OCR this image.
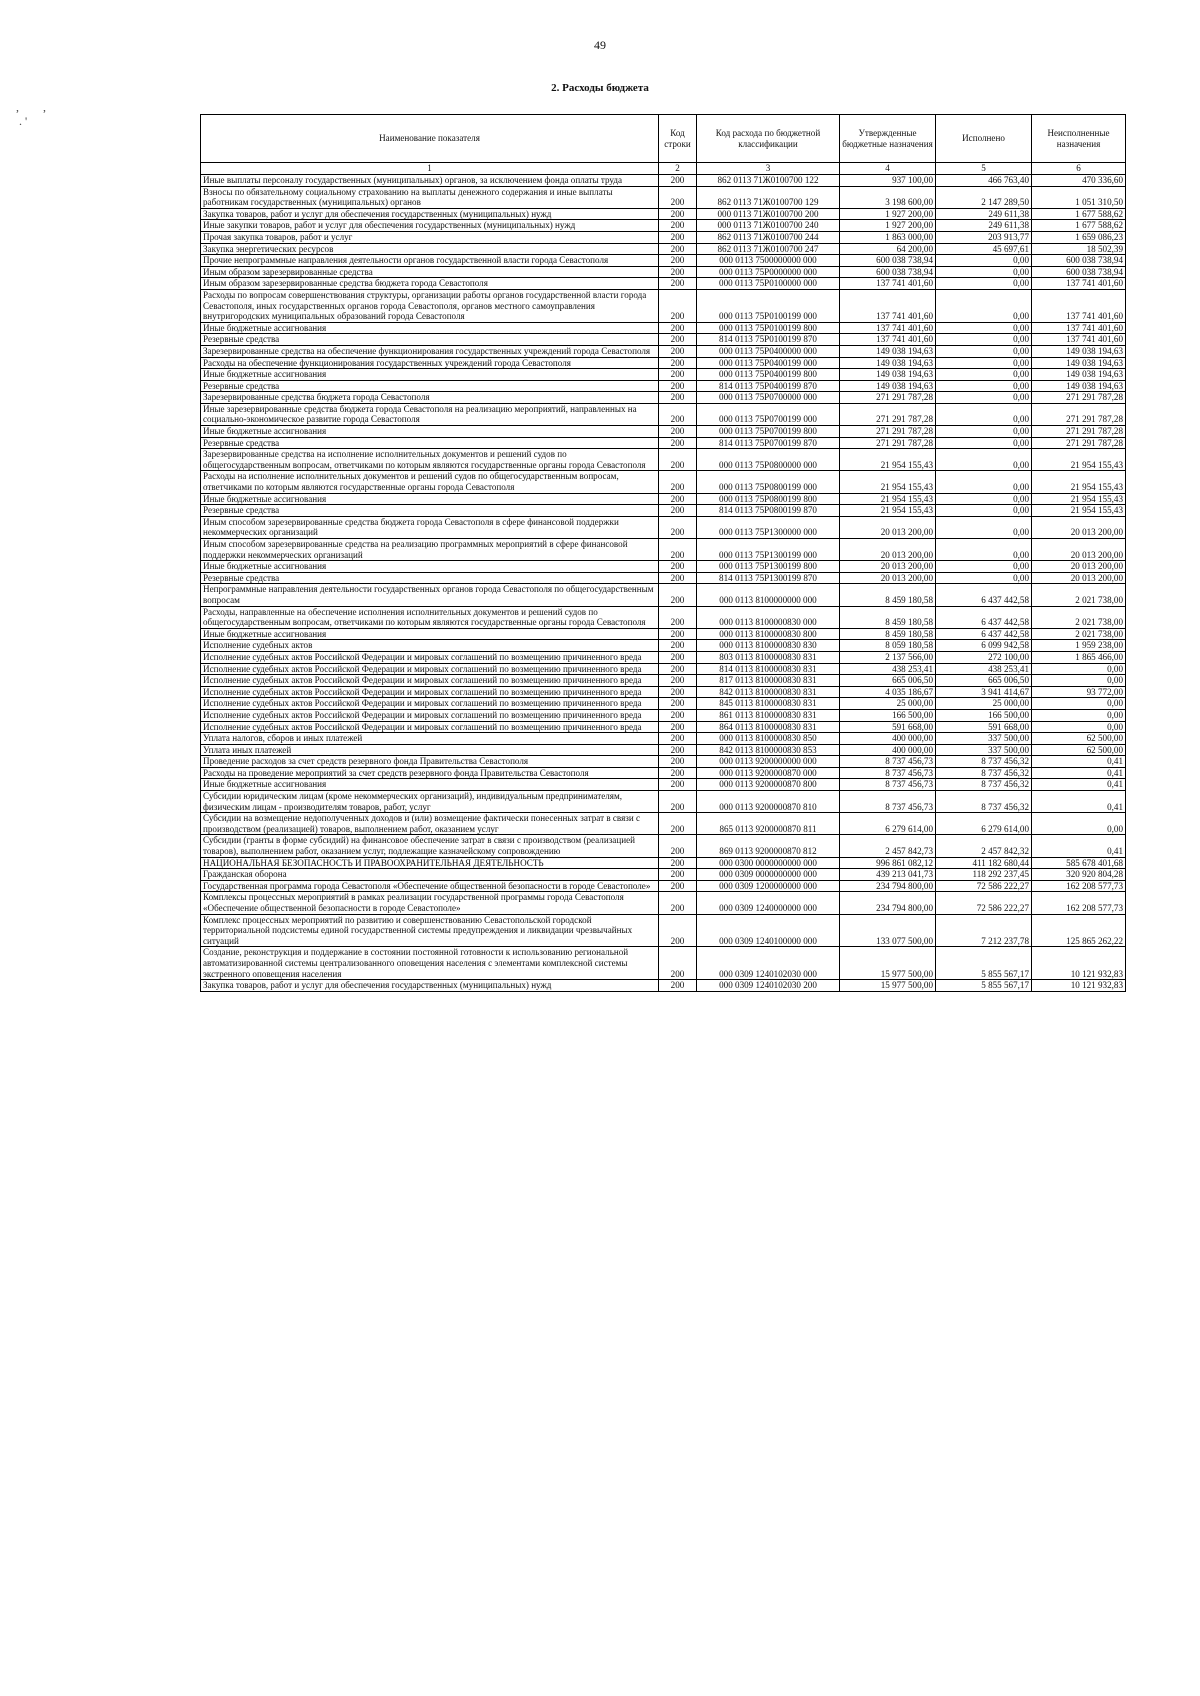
49
2. Расходы бюджета
,        ,
. '
Наименование показателя	Код строки	Код расхода по бюджетной классификации	Утвержденные бюджетные назначения	Исполнено	Неисполненные назначения
1	2	3	4	5	6
Иные выплаты персоналу государственных (муниципальных) органов, за исключением фонда оплаты труда	200	862 0113 71Ж0100700 122	937 100,00	466 763,40	470 336,60
Взносы по обязательному социальному страхованию на выплаты денежного содержания и иные выплаты работникам государственных (муниципальных) органов	200	862 0113 71Ж0100700 129	3 198 600,00	2 147 289,50	1 051 310,50
Закупка товаров, работ и услуг для обеспечения государственных (муниципальных) нужд	200	000 0113 71Ж0100700 200	1 927 200,00	249 611,38	1 677 588,62
Иные закупки товаров, работ и услуг для обеспечения государственных (муниципальных) нужд	200	000 0113 71Ж0100700 240	1 927 200,00	249 611,38	1 677 588,62
Прочая закупка товаров, работ и услуг	200	862 0113 71Ж0100700 244	1 863 000,00	203 913,77	1 659 086,23
Закупка энергетических ресурсов	200	862 0113 71Ж0100700 247	64 200,00	45 697,61	18 502,39
Прочие непрограммные направления деятельности органов государственной власти города Севастополя	200	000 0113 7500000000 000	600 038 738,94	0,00	600 038 738,94
Иным образом зарезервированные средства	200	000 0113 75P0000000 000	600 038 738,94	0,00	600 038 738,94
Иным образом зарезервированные средства бюджета города Севастополя	200	000 0113 75P0100000 000	137 741 401,60	0,00	137 741 401,60
Расходы по вопросам совершенствования структуры, организации работы органов государственной власти города Севастополя, иных государственных органов города Севастополя, органов местного самоуправления внутригородских муниципальных образований города Севастополя	200	000 0113 75P0100199 000	137 741 401,60	0,00	137 741 401,60
Иные бюджетные ассигнования	200	000 0113 75P0100199 800	137 741 401,60	0,00	137 741 401,60
Резервные средства	200	814 0113 75P0100199 870	137 741 401,60	0,00	137 741 401,60
Зарезервированные средства на обеспечение функционирования государственных учреждений города Севастополя	200	000 0113 75P0400000 000	149 038 194,63	0,00	149 038 194,63
Расходы на обеспечение функционирования государственных учреждений города Севастополя	200	000 0113 75P0400199 000	149 038 194,63	0,00	149 038 194,63
Иные бюджетные ассигнования	200	000 0113 75P0400199 800	149 038 194,63	0,00	149 038 194,63
Резервные средства	200	814 0113 75P0400199 870	149 038 194,63	0,00	149 038 194,63
Зарезервированные средства бюджета города Севастополя	200	000 0113 75P0700000 000	271 291 787,28	0,00	271 291 787,28
Иные зарезервированные средства бюджета города Севастополя на реализацию мероприятий, направленных на социально-экономическое развитие города Севастополя	200	000 0113 75P0700199 000	271 291 787,28	0,00	271 291 787,28
Иные бюджетные ассигнования	200	000 0113 75P0700199 800	271 291 787,28	0,00	271 291 787,28
Резервные средства	200	814 0113 75P0700199 870	271 291 787,28	0,00	271 291 787,28
Зарезервированные средства на исполнение исполнительных документов и решений судов по общегосударственным вопросам, ответчиками по которым являются государственные органы города Севастополя	200	000 0113 75P0800000 000	21 954 155,43	0,00	21 954 155,43
Расходы на исполнение исполнительных документов и решений судов по общегосударственным вопросам, ответчиками по которым являются государственные органы города Севастополя	200	000 0113 75P0800199 000	21 954 155,43	0,00	21 954 155,43
Иные бюджетные ассигнования	200	000 0113 75P0800199 800	21 954 155,43	0,00	21 954 155,43
Резервные средства	200	814 0113 75P0800199 870	21 954 155,43	0,00	21 954 155,43
Иным способом зарезервированные средства бюджета города Севастополя в сфере финансовой поддержки некоммерческих организаций	200	000 0113 75P1300000 000	20 013 200,00	0,00	20 013 200,00
Иным способом зарезервированные средства на реализацию программных мероприятий в сфере финансовой поддержки некоммерческих организаций	200	000 0113 75P1300199 000	20 013 200,00	0,00	20 013 200,00
Иные бюджетные ассигнования	200	000 0113 75P1300199 800	20 013 200,00	0,00	20 013 200,00
Резервные средства	200	814 0113 75P1300199 870	20 013 200,00	0,00	20 013 200,00
Непрограммные направления деятельности государственных органов города Севастополя по общегосударственным вопросам	200	000 0113 8100000000 000	8 459 180,58	6 437 442,58	2 021 738,00
Расходы, направленные на обеспечение исполнения исполнительных документов и решений судов по общегосударственным вопросам, ответчиками по которым являются государственные органы города Севастополя	200	000 0113 8100000830 000	8 459 180,58	6 437 442,58	2 021 738,00
Иные бюджетные ассигнования	200	000 0113 8100000830 800	8 459 180,58	6 437 442,58	2 021 738,00
Исполнение судебных актов	200	000 0113 8100000830 830	8 059 180,58	6 099 942,58	1 959 238,00
Исполнение судебных актов Российской Федерации и мировых соглашений по возмещению причиненного вреда	200	803 0113 8100000830 831	2 137 566,00	272 100,00	1 865 466,00
Исполнение судебных актов Российской Федерации и мировых соглашений по возмещению причиненного вреда	200	814 0113 8100000830 831	438 253,41	438 253,41	0,00
Исполнение судебных актов Российской Федерации и мировых соглашений по возмещению причиненного вреда	200	817 0113 8100000830 831	665 006,50	665 006,50	0,00
Исполнение судебных актов Российской Федерации и мировых соглашений по возмещению причиненного вреда	200	842 0113 8100000830 831	4 035 186,67	3 941 414,67	93 772,00
Исполнение судебных актов Российской Федерации и мировых соглашений по возмещению причиненного вреда	200	845 0113 8100000830 831	25 000,00	25 000,00	0,00
Исполнение судебных актов Российской Федерации и мировых соглашений по возмещению причиненного вреда	200	861 0113 8100000830 831	166 500,00	166 500,00	0,00
Исполнение судебных актов Российской Федерации и мировых соглашений по возмещению причиненного вреда	200	864 0113 8100000830 831	591 668,00	591 668,00	0,00
Уплата налогов, сборов и иных платежей	200	000 0113 8100000830 850	400 000,00	337 500,00	62 500,00
Уплата иных платежей	200	842 0113 8100000830 853	400 000,00	337 500,00	62 500,00
Проведение расходов за счет средств резервного фонда Правительства Севастополя	200	000 0113 9200000000 000	8 737 456,73	8 737 456,32	0,41
Расходы на проведение мероприятий за счет средств резервного фонда Правительства Севастополя	200	000 0113 9200000870 000	8 737 456,73	8 737 456,32	0,41
Иные бюджетные ассигнования	200	000 0113 9200000870 800	8 737 456,73	8 737 456,32	0,41
Субсидии юридическим лицам (кроме некоммерческих организаций), индивидуальным предпринимателям, физическим лицам - производителям товаров, работ, услуг	200	000 0113 9200000870 810	8 737 456,73	8 737 456,32	0,41
Субсидии на возмещение недополученных доходов и (или) возмещение фактически понесенных затрат в связи с производством (реализацией) товаров, выполнением работ, оказанием услуг	200	865 0113 9200000870 811	6 279 614,00	6 279 614,00	0,00
Субсидии (гранты в форме субсидий) на финансовое обеспечение затрат в связи с производством (реализацией товаров), выполнением работ, оказанием услуг, подлежащие казначейскому сопровождению	200	869 0113 9200000870 812	2 457 842,73	2 457 842,32	0,41
НАЦИОНАЛЬНАЯ БЕЗОПАСНОСТЬ И ПРАВООХРАНИТЕЛЬНАЯ ДЕЯТЕЛЬНОСТЬ	200	000 0300 0000000000 000	996 861 082,12	411 182 680,44	585 678 401,68
Гражданская оборона	200	000 0309 0000000000 000	439 213 041,73	118 292 237,45	320 920 804,28
Государственная программа города Севастополя «Обеспечение общественной безопасности в городе Севастополе»	200	000 0309 1200000000 000	234 794 800,00	72 586 222,27	162 208 577,73
Комплексы процессных мероприятий в рамках реализации государственной программы города Севастополя «Обеспечение общественной безопасности в городе Севастополе»	200	000 0309 1240000000 000	234 794 800,00	72 586 222,27	162 208 577,73
Комплекс процессных мероприятий по развитию и совершенствованию Севастопольской городской территориальной подсистемы единой государственной системы предупреждения и ликвидации чрезвычайных ситуаций	200	000 0309 1240100000 000	133 077 500,00	7 212 237,78	125 865 262,22
Создание, реконструкция и поддержание в состоянии постоянной готовности к использованию региональной автоматизированной системы централизованного оповещения населения с элементами комплексной системы экстренного оповещения населения	200	000 0309 1240102030 000	15 977 500,00	5 855 567,17	10 121 932,83
Закупка товаров, работ и услуг для обеспечения государственных (муниципальных) нужд	200	000 0309 1240102030 200	15 977 500,00	5 855 567,17	10 121 932,83
